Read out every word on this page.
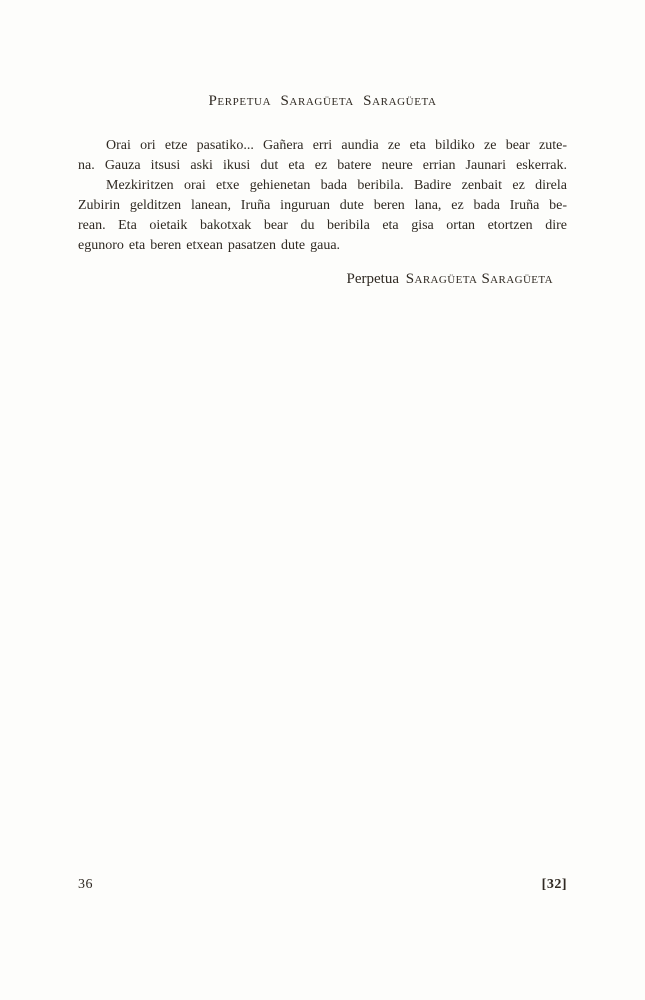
Perpetua Saragüeta Saragüeta
Orai ori etze pasatiko... Gañera erri aundia ze eta bildiko ze bear zute-
na. Gauza itsusi aski ikusi dut eta ez batere neure errian Jaunari eskerrak.
Mezkiritzen orai etxe gehienetan bada beribila. Badire zenbait ez direla
Zubirin gelditzen lanean, Iruña inguruan dute beren lana, ez bada Iruña be-
rean. Eta oietaik bakotxak bear du beribila eta gisa ortan etortzen dire
egunoro eta beren etxean pasatzen dute gaua.
Perpetua Saragüeta Saragüeta
36	[32]
